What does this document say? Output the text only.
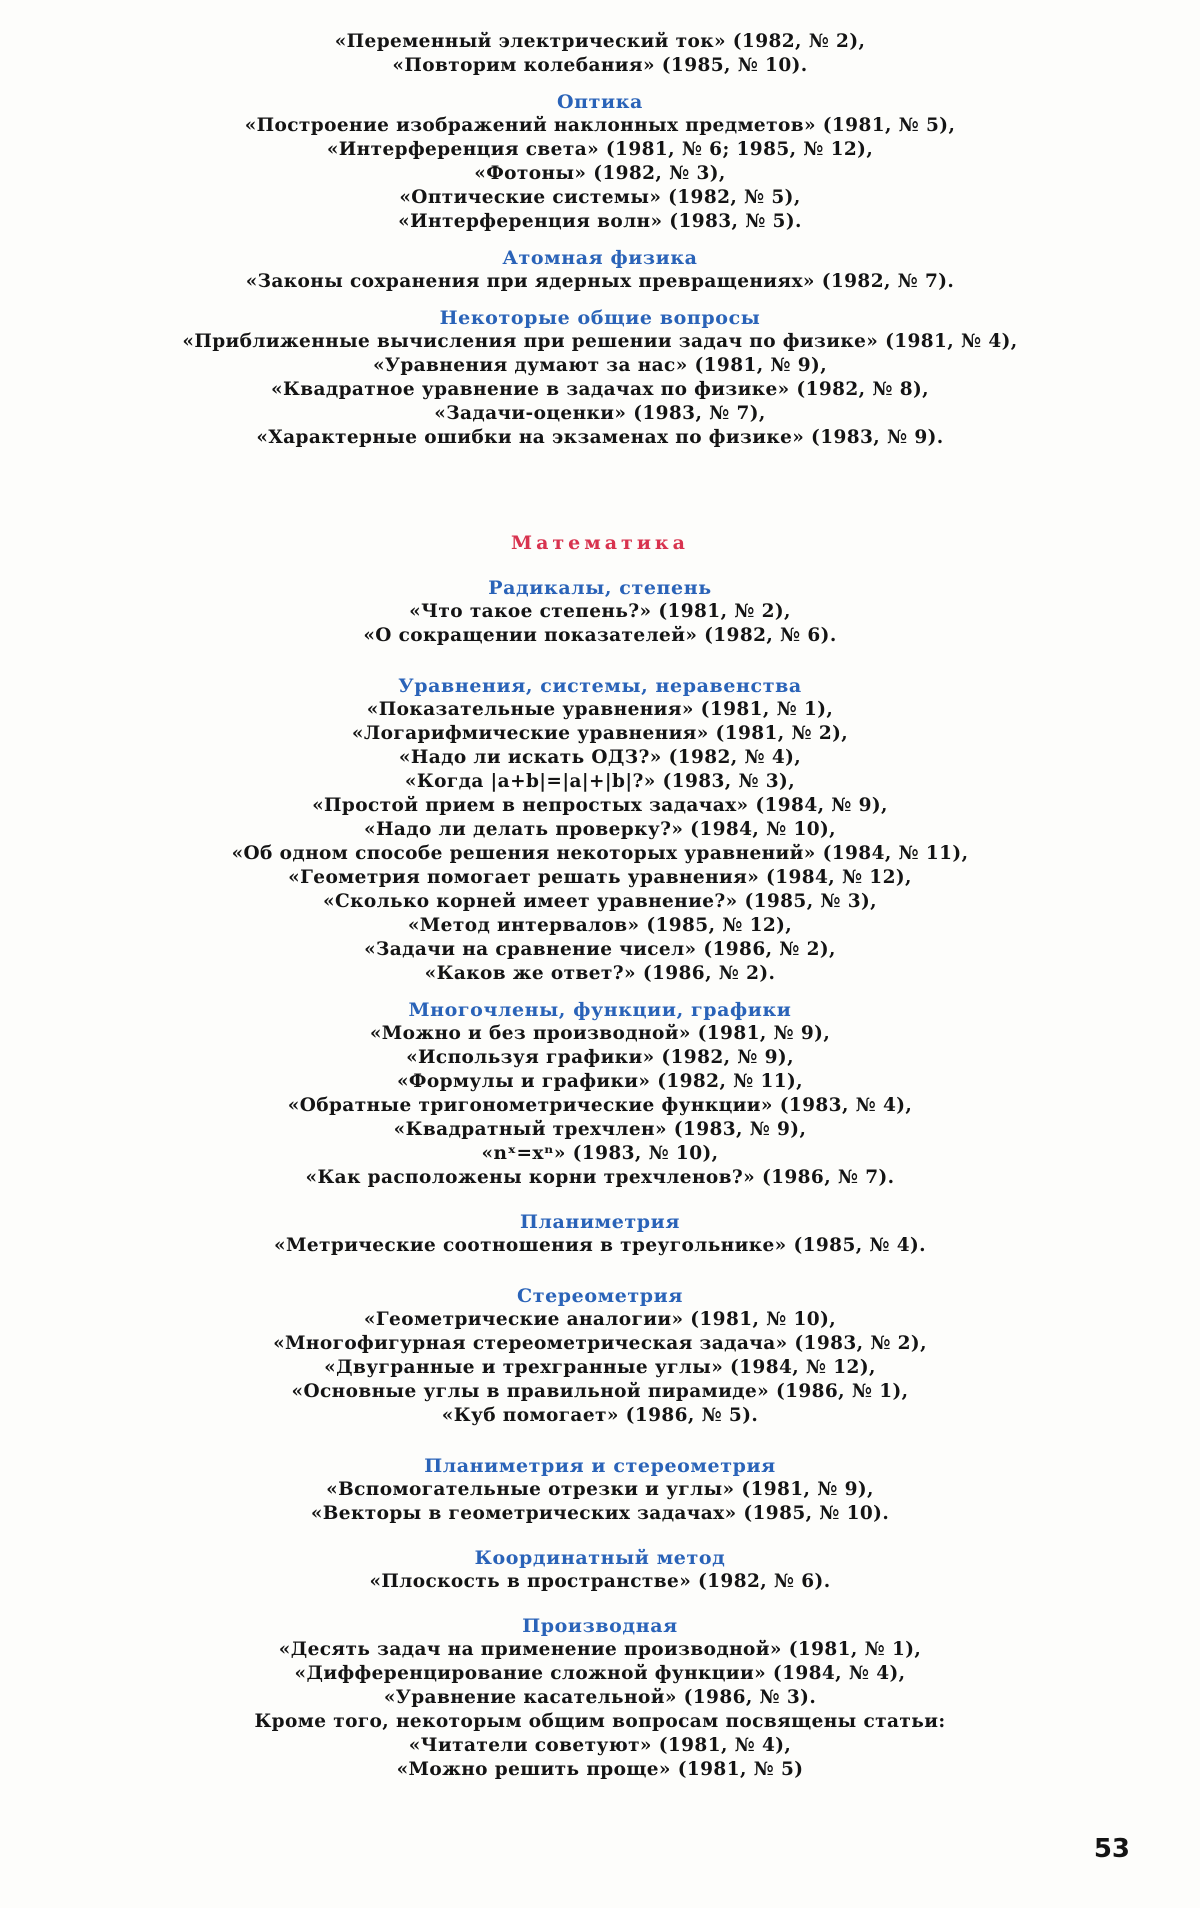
«Переменный электрический ток» (1982, № 2),
«Повторим колебания» (1985, № 10).
Оптика
«Построение изображений наклонных предметов» (1981, № 5),
«Интерференция света» (1981, № 6; 1985, № 12),
«Фотоны» (1982, № 3),
«Оптические системы» (1982, № 5),
«Интерференция волн» (1983, № 5).
Атомная физика
«Законы сохранения при ядерных превращениях» (1982, № 7).
Некоторые общие вопросы
«Приближенные вычисления при решении задач по физике» (1981, № 4),
«Уравнения думают за нас» (1981, № 9),
«Квадратное уравнение в задачах по физике» (1982, № 8),
«Задачи-оценки» (1983, № 7),
«Характерные ошибки на экзаменах по физике» (1983, № 9).
Математика
Радикалы, степень
«Что такое степень?» (1981, № 2),
«О сокращении показателей» (1982, № 6).
Уравнения, системы, неравенства
«Показательные уравнения» (1981, № 1),
«Логарифмические уравнения» (1981, № 2),
«Надо ли искать ОДЗ?» (1982, № 4),
«Когда |a+b|=|a|+|b|?» (1983, № 3),
«Простой прием в непростых задачах» (1984, № 9),
«Надо ли делать проверку?» (1984, № 10),
«Об одном способе решения некоторых уравнений» (1984, № 11),
«Геометрия помогает решать уравнения» (1984, № 12),
«Сколько корней имеет уравнение?» (1985, № 3),
«Метод интервалов» (1985, № 12),
«Задачи на сравнение чисел» (1986, № 2),
«Каков же ответ?» (1986, № 2).
Многочлены, функции, графики
«Можно и без производной» (1981, № 9),
«Используя графики» (1982, № 9),
«Формулы и графики» (1982, № 11),
«Обратные тригонометрические функции» (1983, № 4),
«Квадратный трехчлен» (1983, № 9),
«nˣ=xⁿ» (1983, № 10),
«Как расположены корни трехчленов?» (1986, № 7).
Планиметрия
«Метрические соотношения в треугольнике» (1985, № 4).
Стереометрия
«Геометрические аналогии» (1981, № 10),
«Многофигурная стереометрическая задача» (1983, № 2),
«Двугранные и трехгранные углы» (1984, № 12),
«Основные углы в правильной пирамиде» (1986, № 1),
«Куб помогает» (1986, № 5).
Планиметрия и стереометрия
«Вспомогательные отрезки и углы» (1981, № 9),
«Векторы в геометрических задачах» (1985, № 10).
Координатный метод
«Плоскость в пространстве» (1982, № 6).
Производная
«Десять задач на применение производной» (1981, № 1),
«Дифференцирование сложной функции» (1984, № 4),
«Уравнение касательной» (1986, № 3).
Кроме того, некоторым общим вопросам посвящены статьи:
«Читатели советуют» (1981, № 4),
«Можно решить проще» (1981, № 5)
53
